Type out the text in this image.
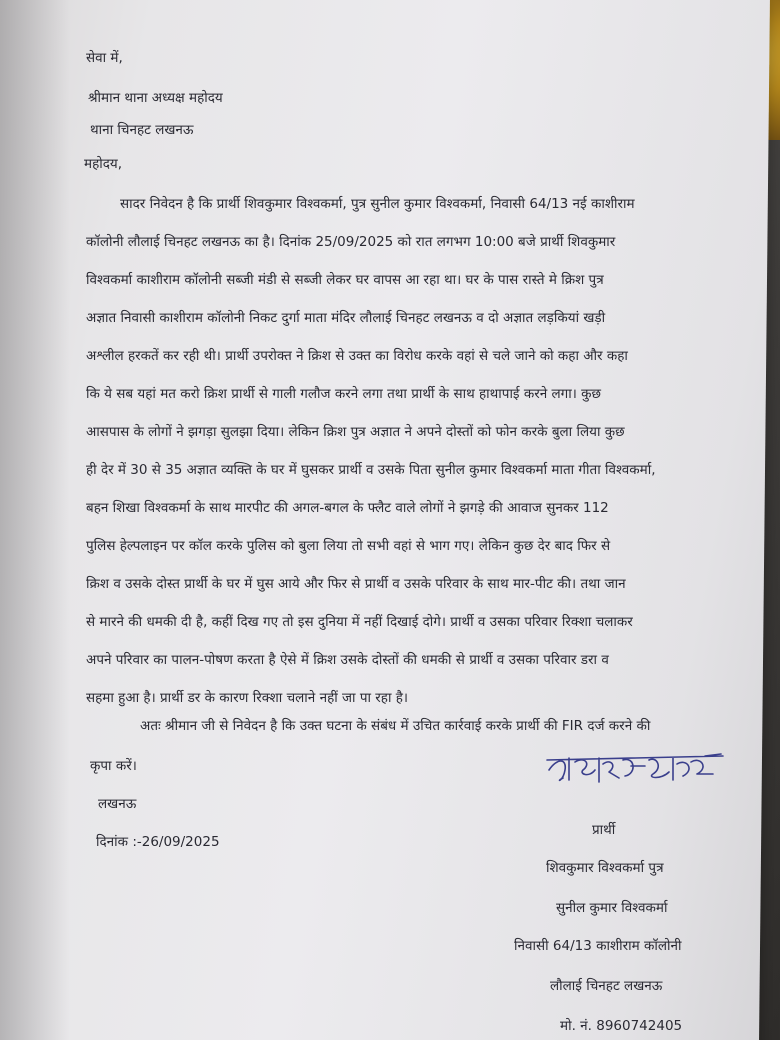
सेवा में,
श्रीमान थाना अध्यक्ष महोदय
थाना चिनहट लखनऊ
महोदय,
सादर निवेदन है कि प्रार्थी शिवकुमार विश्वकर्मा, पुत्र सुनील कुमार विश्वकर्मा, निवासी 64/13 नई काशीराम
कॉलोनी लौलाई चिनहट लखनऊ का है। दिनांक 25/09/2025 को रात लगभग 10:00 बजे प्रार्थी शिवकुमार
विश्वकर्मा काशीराम कॉलोनी सब्जी मंडी से सब्जी लेकर घर वापस आ रहा था। घर के पास रास्ते मे क्रिश पुत्र
अज्ञात निवासी काशीराम कॉलोनी निकट दुर्गा माता मंदिर लौलाई चिनहट लखनऊ व दो अज्ञात लड़कियां खड़ी
अश्लील हरकतें कर रही थी। प्रार्थी उपरोक्त ने क्रिश से उक्त का विरोध करके वहां से चले जाने को कहा और कहा
कि ये सब यहां मत करो क्रिश प्रार्थी से गाली गलौज करने लगा तथा प्रार्थी के साथ हाथापाई करने लगा। कुछ
आसपास के लोगों ने झगड़ा सुलझा दिया। लेकिन क्रिश पुत्र अज्ञात ने अपने दोस्तों को फोन करके बुला लिया कुछ
ही देर में 30 से 35 अज्ञात व्यक्ति के घर में घुसकर प्रार्थी व उसके पिता सुनील कुमार विश्वकर्मा माता गीता विश्वकर्मा,
बहन शिखा विश्वकर्मा के साथ मारपीट की अगल-बगल के फ्लैट वाले लोगों ने झगड़े की आवाज सुनकर 112
पुलिस हेल्पलाइन पर कॉल करके पुलिस को बुला लिया तो सभी वहां से भाग गए। लेकिन कुछ देर बाद फिर से
क्रिश व उसके दोस्त प्रार्थी के घर में घुस आये और फिर से प्रार्थी व उसके परिवार के साथ मार-पीट की। तथा जान
से मारने की धमकी दी है, कहीं दिख गए तो इस दुनिया में नहीं दिखाई दोगे। प्रार्थी व उसका परिवार रिक्शा चलाकर
अपने परिवार का पालन-पोषण करता है ऐसे में क्रिश उसके दोस्तों की धमकी से प्रार्थी व उसका परिवार डरा व
सहमा हुआ है। प्रार्थी डर के कारण रिक्शा चलाने नहीं जा पा रहा है।
अतः श्रीमान जी से निवेदन है कि उक्त घटना के संबंध में उचित कार्रवाई करके प्रार्थी की FIR दर्ज करने की
कृपा करें।
लखनऊ
दिनांक :-26/09/2025
प्रार्थी
शिवकुमार विश्वकर्मा पुत्र
सुनील कुमार विश्वकर्मा
निवासी 64/13 काशीराम कॉलोनी
लौलाई चिनहट लखनऊ
मो. नं. 8960742405
